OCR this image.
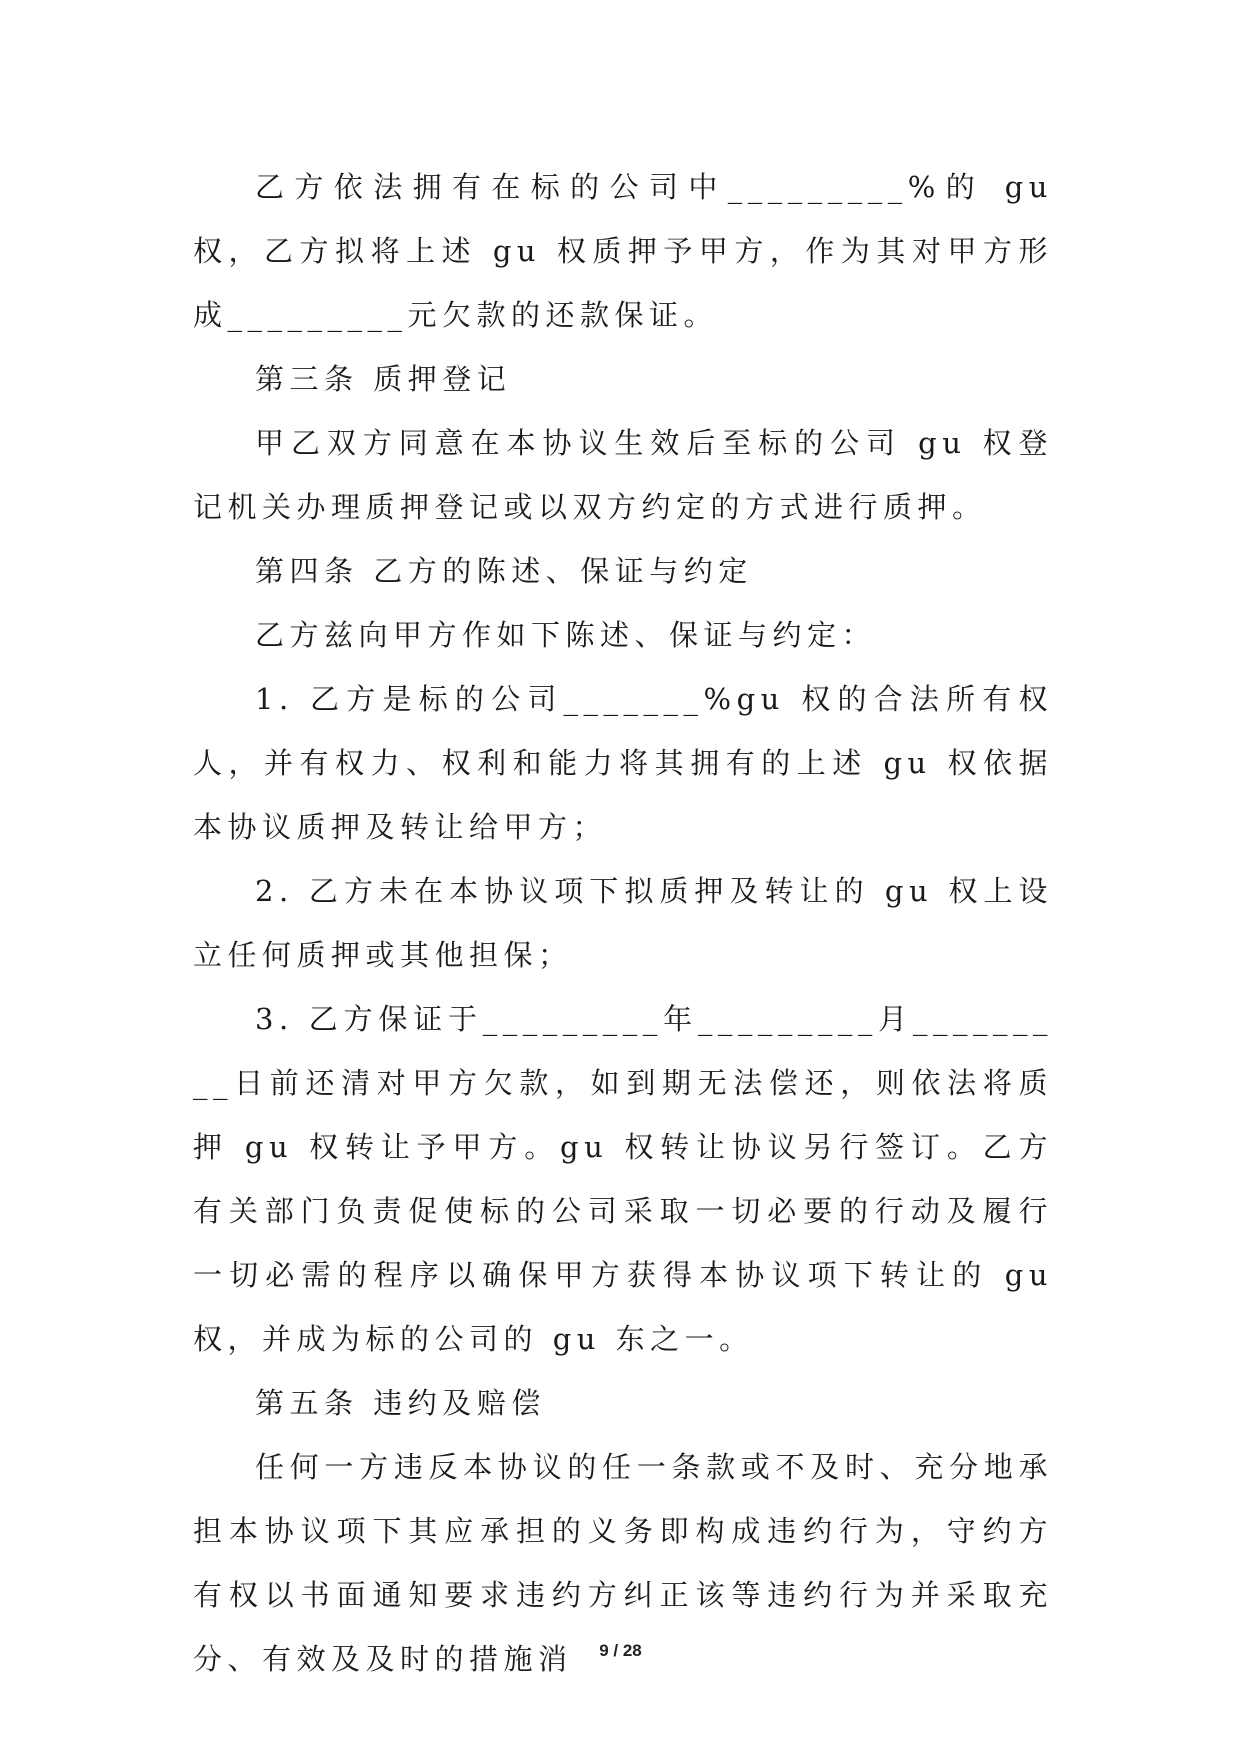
乙方依法拥有在标的公司中_________%的 gu 权，乙方拟将上述 gu 权质押予甲方，作为其对甲方形成_________元欠款的还款保证。

第三条 质押登记

甲乙双方同意在本协议生效后至标的公司 gu 权登记机关办理质押登记或以双方约定的方式进行质押。

第四条 乙方的陈述、保证与约定

乙方兹向甲方作如下陈述、保证与约定：

1. 乙方是标的公司_______%gu 权的合法所有权人，并有权力、权利和能力将其拥有的上述 gu 权依据本协议质押及转让给甲方；

2. 乙方未在本协议项下拟质押及转让的 gu 权上设立任何质押或其他担保；

3. 乙方保证于_________年_________月_________日前还清对甲方欠款，如到期无法偿还，则依法将质押 gu 权转让予甲方。gu 权转让协议另行签订。乙方有关部门负责促使标的公司采取一切必要的行动及履行一切必需的程序以确保甲方获得本协议项下转让的 gu 权，并成为标的公司的 gu 东之一。

第五条 违约及赔偿

任何一方违反本协议的任一条款或不及时、充分地承担本协议项下其应承担的义务即构成违约行为，守约方有权以书面通知要求违约方纠正该等违约行为并采取充分、有效及及时的措施消	9 / 28
